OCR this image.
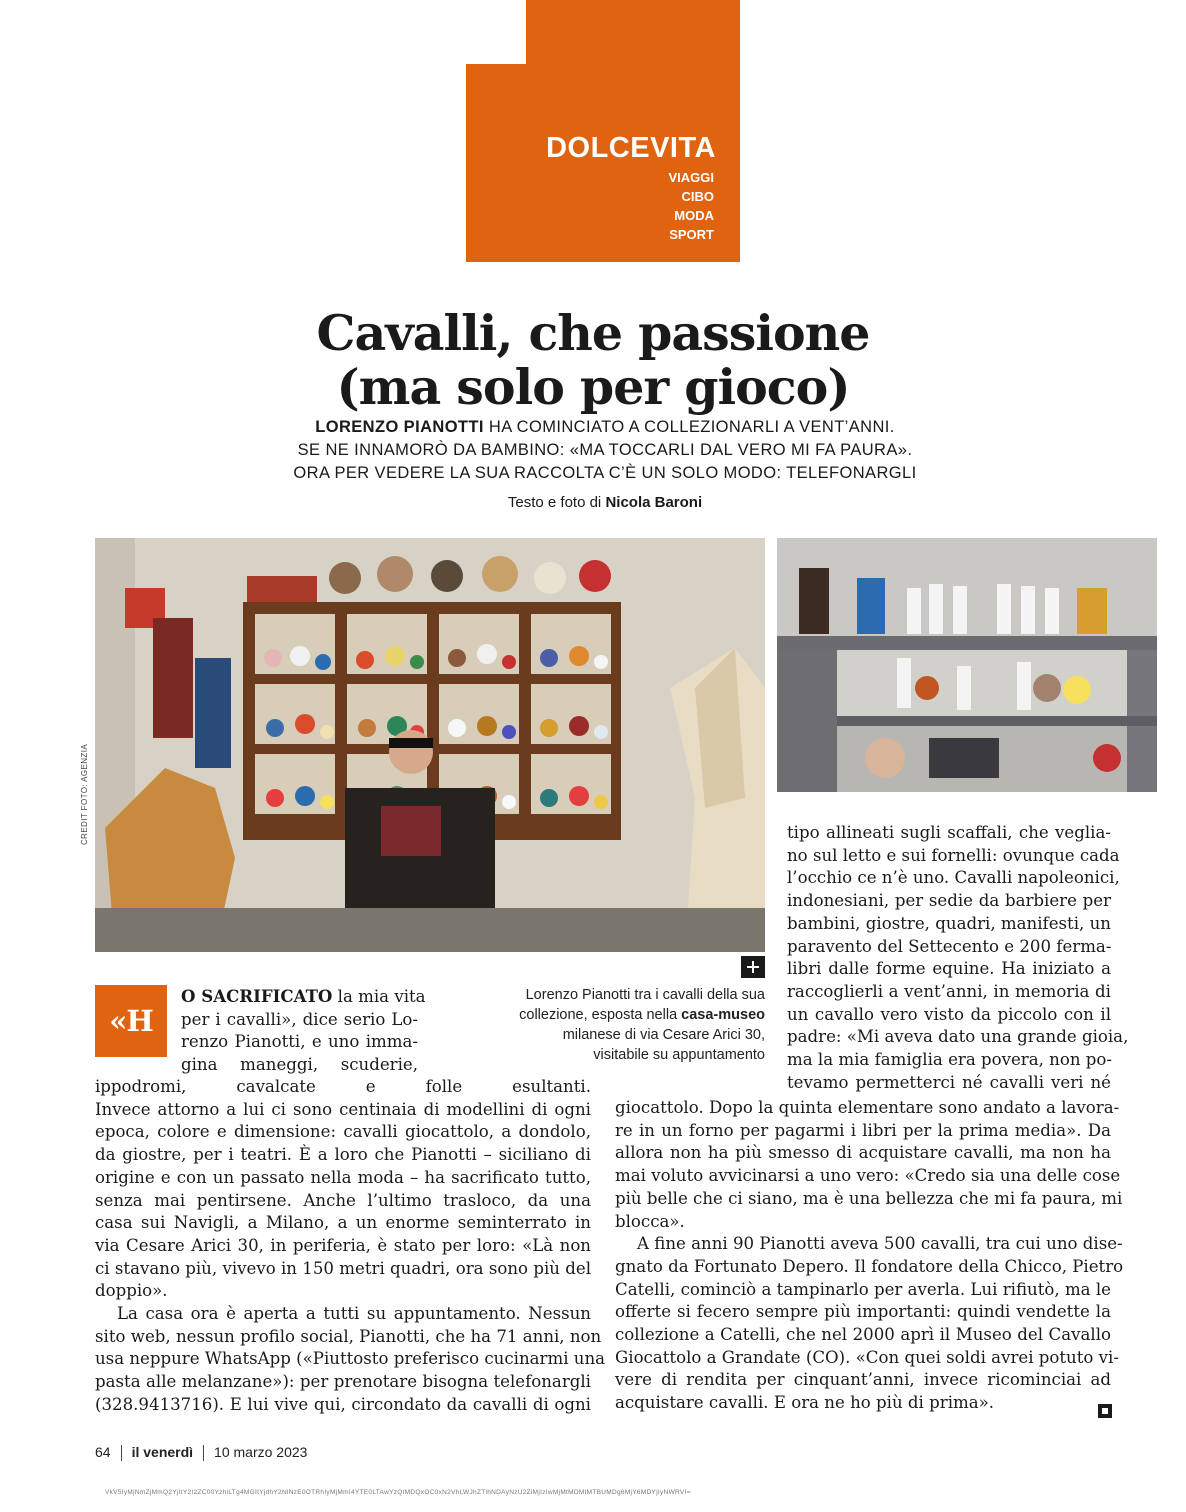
DOLCEVITA
VIAGGI
CIBO
MODA
SPORT
Cavalli, che passione
(ma solo per gioco)
LORENZO PIANOTTI HA COMINCIATO A COLLEZIONARLI A VENT’ANNI.
SE NE INNAMORÒ DA BAMBINO: «MA TOCCARLI DAL VERO MI FA PAURA».
ORA PER VEDERE LA SUA RACCOLTA C’È UN SOLO MODO: TELEFONARGLI
Testo e foto di Nicola Baroni
CREDIT FOTO: AGENZIA
Lorenzo Pianotti tra i cavalli della sua
collezione, esposta nella casa-museo
milanese di via Cesare Arici 30,
visitabile su appuntamento
«H
O SACRIFICATO la mia vita
per i cavalli», dice serio Lo-
renzo Pianotti, e uno imma-
gina maneggi, scuderie,
ippodromi, cavalcate e folle esultanti.
Invece attorno a lui ci sono centinaia di modellini di ogni
epoca, colore e dimensione: cavalli giocattolo, a dondolo,
da giostre, per i teatri. È a loro che Pianotti – siciliano di
origine e con un passato nella moda – ha sacrificato tutto,
senza mai pentirsene. Anche l’ultimo trasloco, da una
casa sui Navigli, a Milano, a un enorme seminterrato in
via Cesare Arici 30, in periferia, è stato per loro: «Là non
ci stavano più, vivevo in 150 metri quadri, ora sono più del
doppio».
La casa ora è aperta a tutti su appuntamento. Nessun
sito web, nessun profilo social, Pianotti, che ha 71 anni, non
usa neppure WhatsApp («Piuttosto preferisco cucinarmi una
pasta alle melanzane»): per prenotare bisogna telefonargli
(328.9413716). E lui vive qui, circondato da cavalli di ogni
tipo allineati sugli scaffali, che veglia-
no sul letto e sui fornelli: ovunque cada
l’occhio ce n’è uno. Cavalli napoleonici,
indonesiani, per sedie da barbiere per
bambini, giostre, quadri, manifesti, un
paravento del Settecento e 200 ferma-
libri dalle forme equine. Ha iniziato a
raccoglierli a vent’anni, in memoria di
un cavallo vero visto da piccolo con il
padre: «Mi aveva dato una grande gioia,
ma la mia famiglia era povera, non po-
tevamo permetterci né cavalli veri né
giocattolo. Dopo la quinta elementare sono andato a lavora-
re in un forno per pagarmi i libri per la prima media». Da
allora non ha più smesso di acquistare cavalli, ma non ha
mai voluto avvicinarsi a uno vero: «Credo sia una delle cose
più belle che ci siano, ma è una bellezza che mi fa paura, mi
blocca».
A fine anni 90 Pianotti aveva 500 cavalli, tra cui uno dise-
gnato da Fortunato Depero. Il fondatore della Chicco, Pietro
Catelli, cominciò a tampinarlo per averla. Lui rifiutò, ma le
offerte si fecero sempre più importanti: quindi vendette la
collezione a Catelli, che nel 2000 aprì il Museo del Cavallo
Giocattolo a Grandate (CO). «Con quei soldi avrei potuto vi-
vere di rendita per cinquant’anni, invece ricominciai ad
acquistare cavalli. E ora ne ho più di prima».
64 il venerdì 10 marzo 2023
VkV5IyMjNmZjMmQ2YjItY2I2ZC00YzhiLTg4MGItYjdhY2NlNzE0OTRhIyMjMmI4YTE0LTAwYzQtMDQxOC0xN2VhLWJhZTlhNDAyNzU2ZiMjIzIwMjMtMDMtMTBUMDg6MjY6MDYjIyNWRVI=
